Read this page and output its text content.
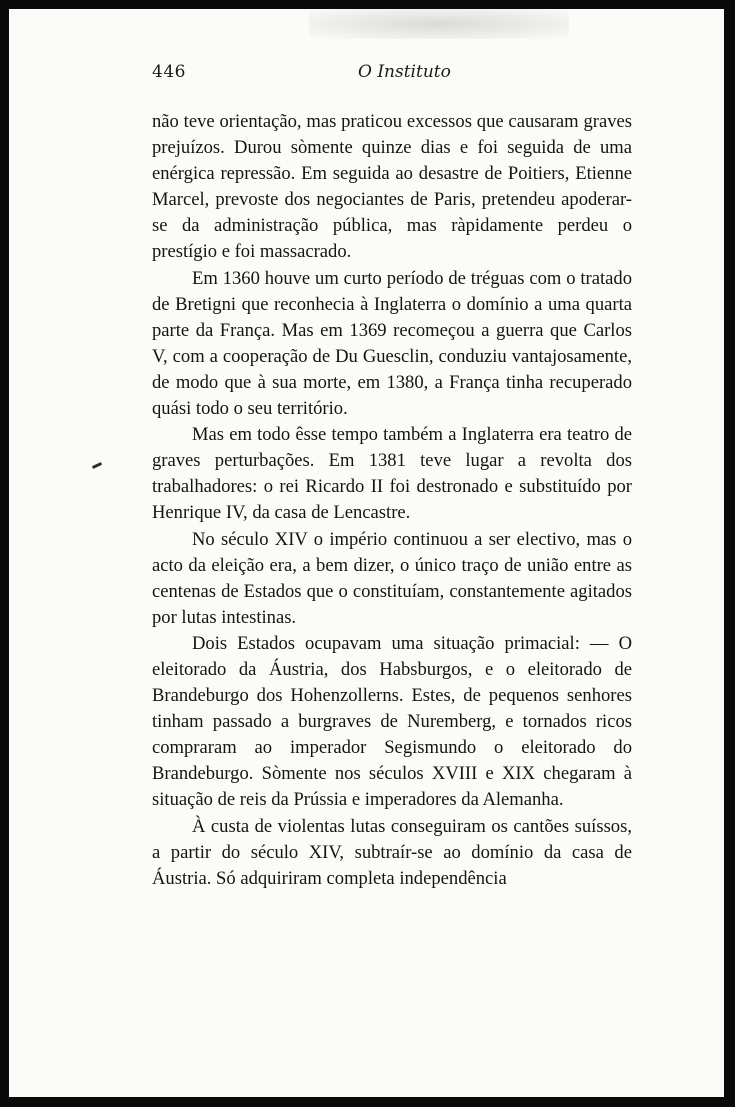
446	O Instituto

não teve orientação, mas praticou excessos que causaram graves prejuízos. Durou sòmente quinze dias e foi seguida de uma enérgica repressão. Em seguida ao desastre de Poitiers, Etienne Marcel, prevoste dos negociantes de Paris, pretendeu apoderar-se da administração pública, mas ràpidamente perdeu o prestígio e foi massacrado.

Em 1360 houve um curto período de tréguas com o tratado de Bretigni que reconhecia à Inglaterra o domínio a uma quarta parte da França. Mas em 1369 recomeçou a guerra que Carlos V, com a cooperação de Du Guesclin, conduziu vantajosamente, de modo que à sua morte, em 1380, a França tinha recuperado quási todo o seu território.

Mas em todo êsse tempo também a Inglaterra era teatro de graves perturbações. Em 1381 teve lugar a revolta dos trabalhadores: o rei Ricardo II foi destronado e substituído por Henrique IV, da casa de Lencastre.

No século XIV o império continuou a ser electivo, mas o acto da eleição era, a bem dizer, o único traço de união entre as centenas de Estados que o constituíam, constantemente agitados por lutas intestinas.

Dois Estados ocupavam uma situação primacial: — O eleitorado da Áustria, dos Habsburgos, e o eleitorado de Brandeburgo dos Hohenzollerns. Estes, de pequenos senhores tinham passado a burgraves de Nuremberg, e tornados ricos compraram ao imperador Segismundo o eleitorado do Brandeburgo. Sòmente nos séculos XVIII e XIX chegaram à situação de reis da Prússia e imperadores da Alemanha.

À custa de violentas lutas conseguiram os cantões suíssos, a partir do século XIV, subtraír-se ao domínio da casa de Áustria. Só adquiriram completa independência
